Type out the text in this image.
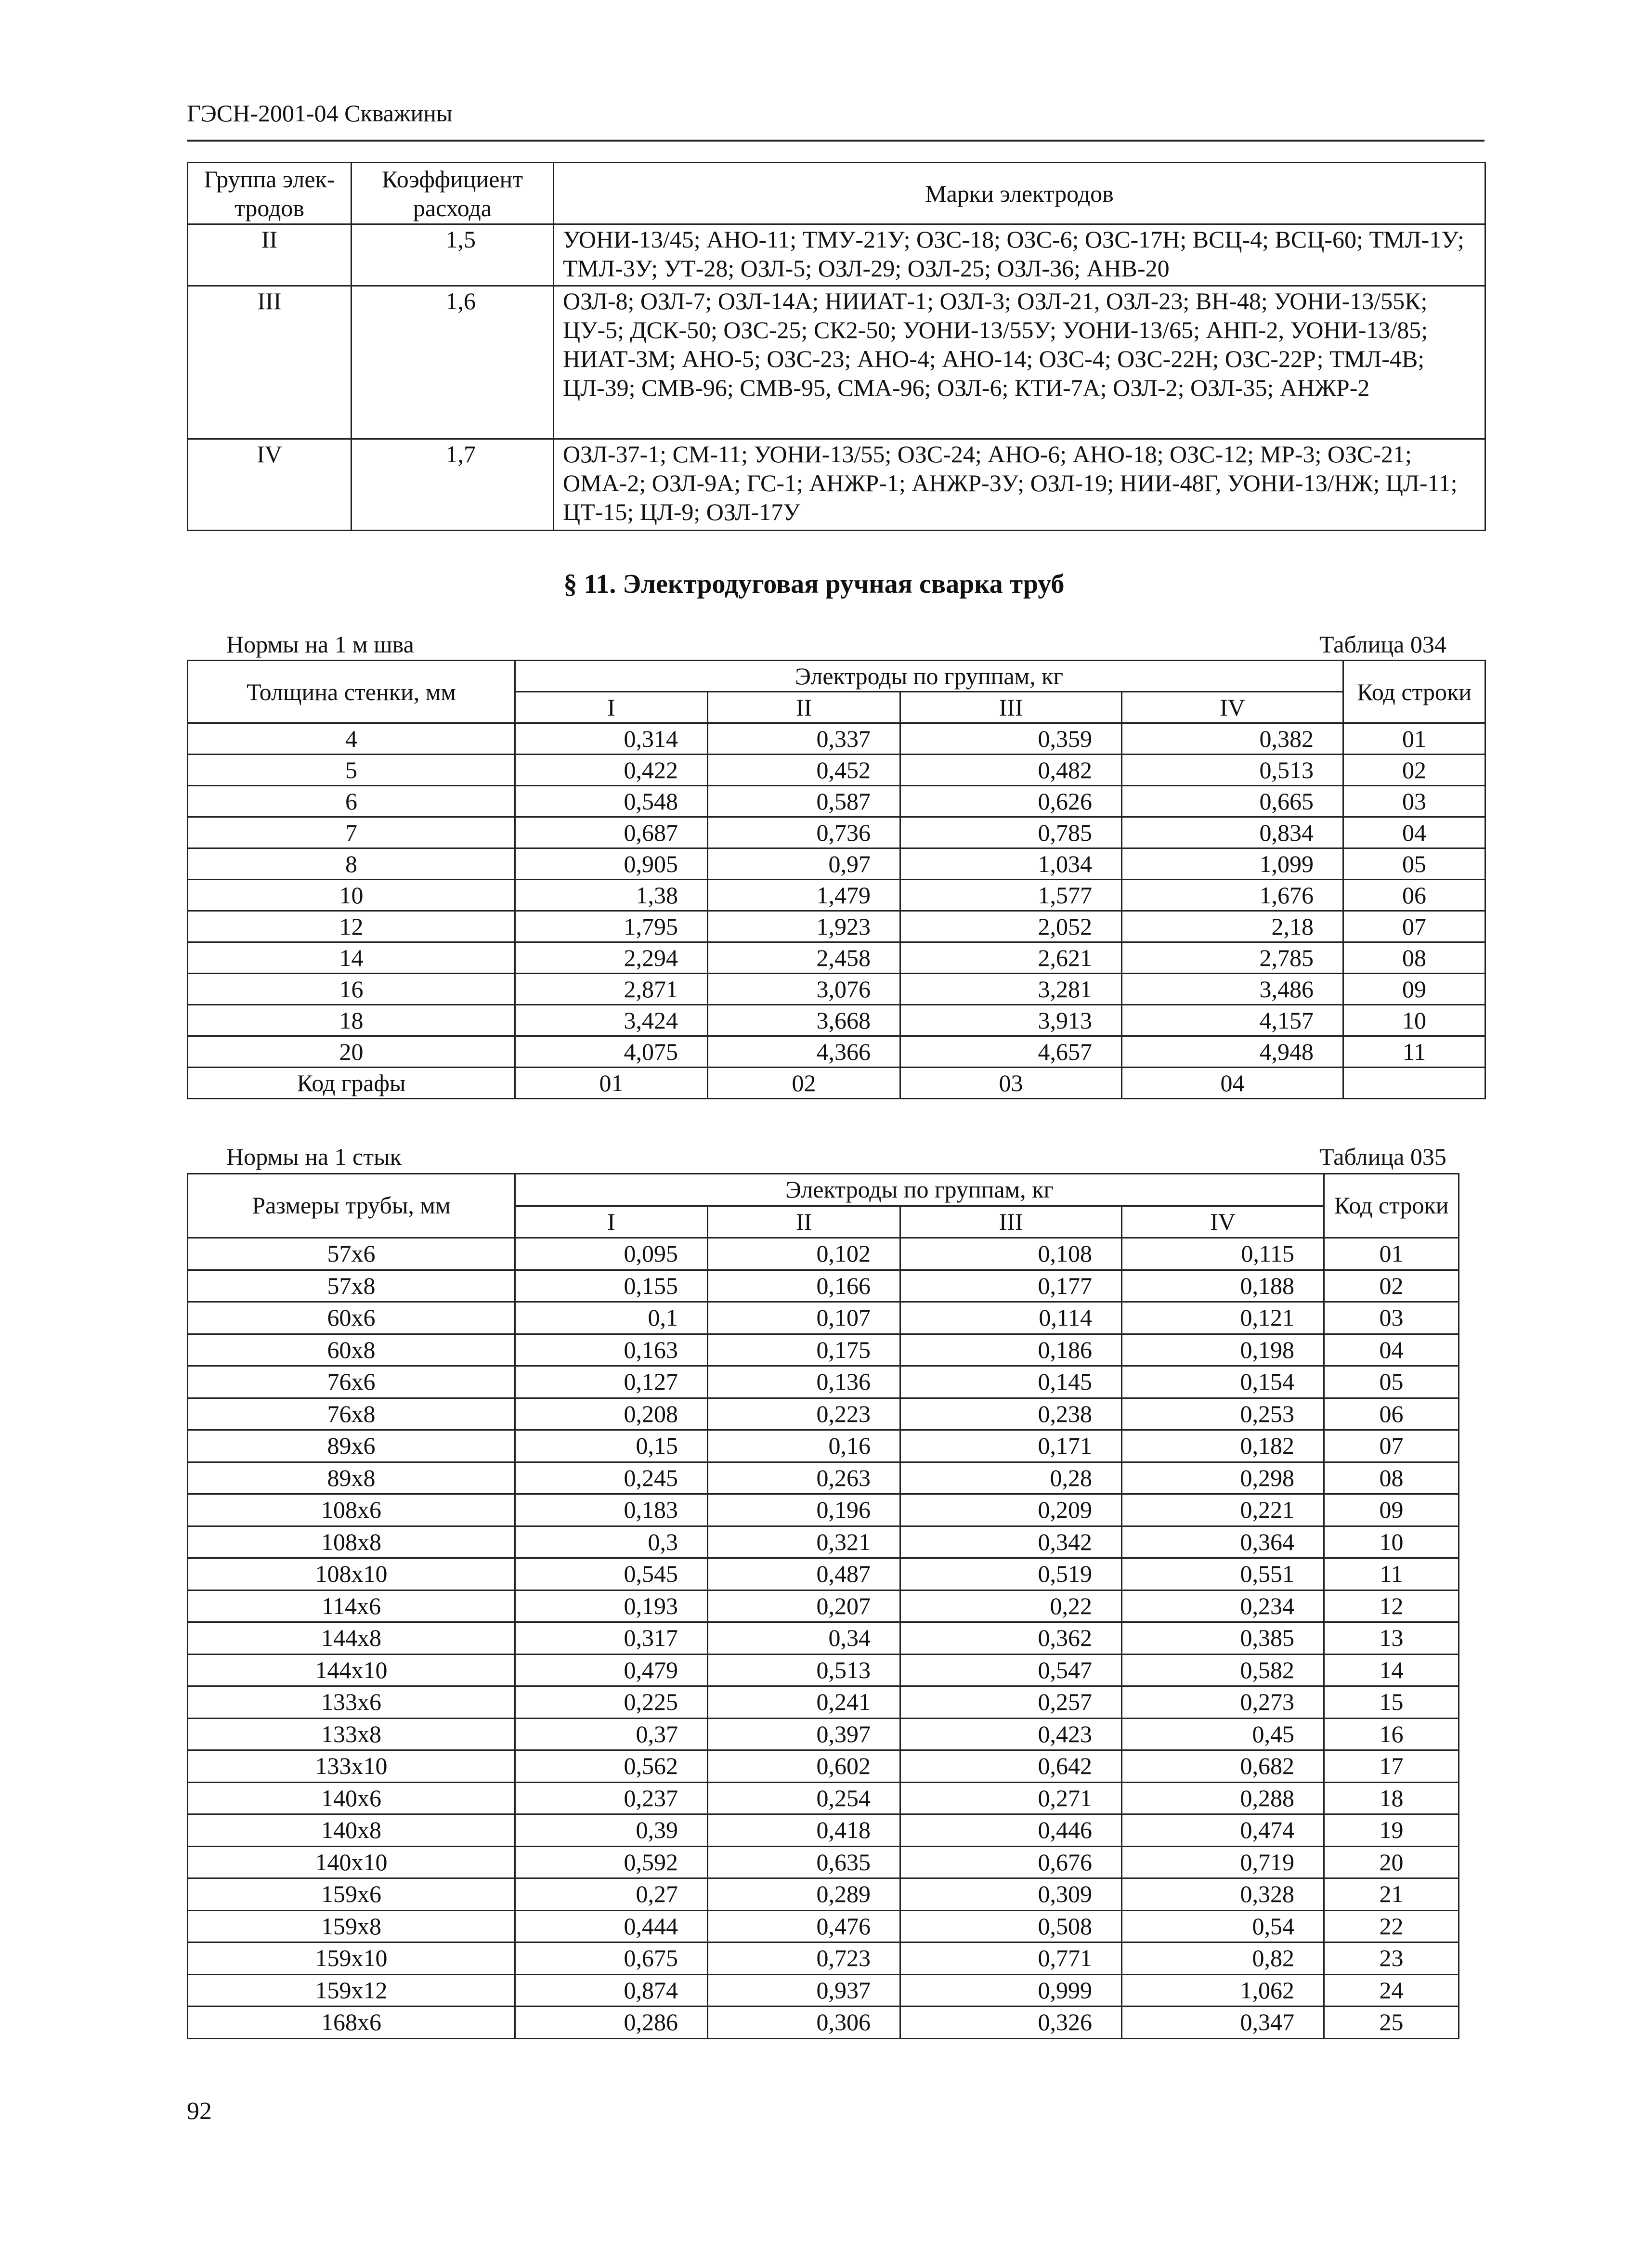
ГЭСН-2001-04 Скважины
Группа элек-тродов	Коэффициент расхода	Марки электродов
II	1,5	УОНИ-13/45; АНО-11; ТМУ-21У; ОЗС-18; ОЗС-6; ОЗС-17Н; ВСЦ-4; ВСЦ-60; ТМЛ-1У; ТМЛ-3У; УТ-28; ОЗЛ-5; ОЗЛ-29; ОЗЛ-25; ОЗЛ-36; АНВ-20
III	1,6	ОЗЛ-8; ОЗЛ-7; ОЗЛ-14А; НИИАТ-1; ОЗЛ-3; ОЗЛ-21, ОЗЛ-23; ВН-48; УОНИ-13/55К; ЦУ-5; ДСК-50; ОЗС-25; СК2-50; УОНИ-13/55У; УОНИ-13/65; АНП-2, УОНИ-13/85; НИАТ-3М; АНО-5; ОЗС-23; АНО-4; АНО-14; ОЗС-4; ОЗС-22Н; ОЗС-22Р; ТМЛ-4В; ЦЛ-39; СМВ-96; СМВ-95, СМА-96; ОЗЛ-6; КТИ-7А; ОЗЛ-2; ОЗЛ-35; АНЖР-2
IV	1,7	ОЗЛ-37-1; СМ-11; УОНИ-13/55; ОЗС-24; АНО-6; АНО-18; ОЗС-12; МР-3; ОЗС-21; ОМА-2; ОЗЛ-9А; ГС-1; АНЖР-1; АНЖР-3У; ОЗЛ-19; НИИ-48Г, УОНИ-13/НЖ; ЦЛ-11; ЦТ-15; ЦЛ-9; ОЗЛ-17У
§ 11. Электродуговая ручная сварка труб
Нормы на 1 м шва	Таблица 034
Толщина стенки, мм	Электроды по группам, кг				Код строки
	I	II	III	IV	
4	0,314	0,337	0,359	0,382	01
5	0,422	0,452	0,482	0,513	02
6	0,548	0,587	0,626	0,665	03
7	0,687	0,736	0,785	0,834	04
8	0,905	0,97	1,034	1,099	05
10	1,38	1,479	1,577	1,676	06
12	1,795	1,923	2,052	2,18	07
14	2,294	2,458	2,621	2,785	08
16	2,871	3,076	3,281	3,486	09
18	3,424	3,668	3,913	4,157	10
20	4,075	4,366	4,657	4,948	11
Код графы	01	02	03	04	
Нормы на 1 стык	Таблица 035
Размеры трубы, мм	Электроды по группам, кг				Код строки
	I	II	III	IV	
57х6	0,095	0,102	0,108	0,115	01
57х8	0,155	0,166	0,177	0,188	02
60х6	0,1	0,107	0,114	0,121	03
60х8	0,163	0,175	0,186	0,198	04
76х6	0,127	0,136	0,145	0,154	05
76х8	0,208	0,223	0,238	0,253	06
89х6	0,15	0,16	0,171	0,182	07
89х8	0,245	0,263	0,28	0,298	08
108х6	0,183	0,196	0,209	0,221	09
108х8	0,3	0,321	0,342	0,364	10
108х10	0,545	0,487	0,519	0,551	11
114х6	0,193	0,207	0,22	0,234	12
144х8	0,317	0,34	0,362	0,385	13
144х10	0,479	0,513	0,547	0,582	14
133х6	0,225	0,241	0,257	0,273	15
133х8	0,37	0,397	0,423	0,45	16
133х10	0,562	0,602	0,642	0,682	17
140х6	0,237	0,254	0,271	0,288	18
140х8	0,39	0,418	0,446	0,474	19
140х10	0,592	0,635	0,676	0,719	20
159х6	0,27	0,289	0,309	0,328	21
159х8	0,444	0,476	0,508	0,54	22
159х10	0,675	0,723	0,771	0,82	23
159х12	0,874	0,937	0,999	1,062	24
168х6	0,286	0,306	0,326	0,347	25
92
